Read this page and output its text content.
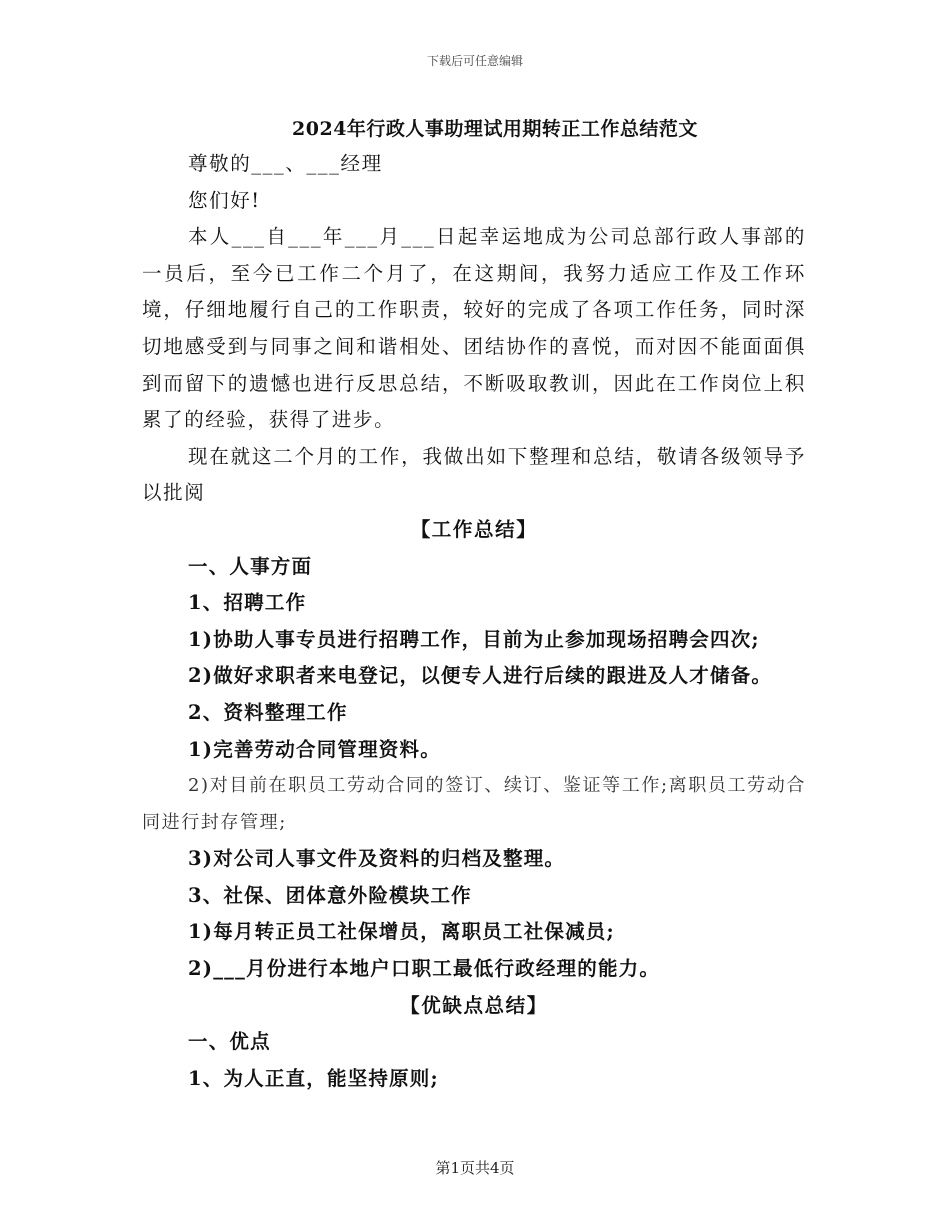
下载后可任意编辑
2024年行政人事助理试用期转正工作总结范文

尊敬的___、___经理

您们好!

本人___自___年___月___日起幸运地成为公司总部行政人事部的一员后，至今已工作二个月了，在这期间，我努力适应工作及工作环境，仔细地履行自己的工作职责，较好的完成了各项工作任务，同时深切地感受到与同事之间和谐相处、团结协作的喜悦，而对因不能面面俱到而留下的遗憾也进行反思总结，不断吸取教训，因此在工作岗位上积累了的经验，获得了进步。

现在就这二个月的工作，我做出如下整理和总结，敬请各级领导予以批阅

【工作总结】

一、人事方面

1、招聘工作

1)协助人事专员进行招聘工作，目前为止参加现场招聘会四次;

2)做好求职者来电登记，以便专人进行后续的跟进及人才储备。

2、资料整理工作

1)完善劳动合同管理资料。

2)对目前在职员工劳动合同的签订、续订、鉴证等工作;离职员工劳动合同进行封存管理;

3)对公司人事文件及资料的归档及整理。

3、社保、团体意外险模块工作

1)每月转正员工社保增员，离职员工社保减员;

2)___月份进行本地户口职工最低行政经理的能力。

【优缺点总结】

一、优点

1、为人正直，能坚持原则;

第1页共4页
